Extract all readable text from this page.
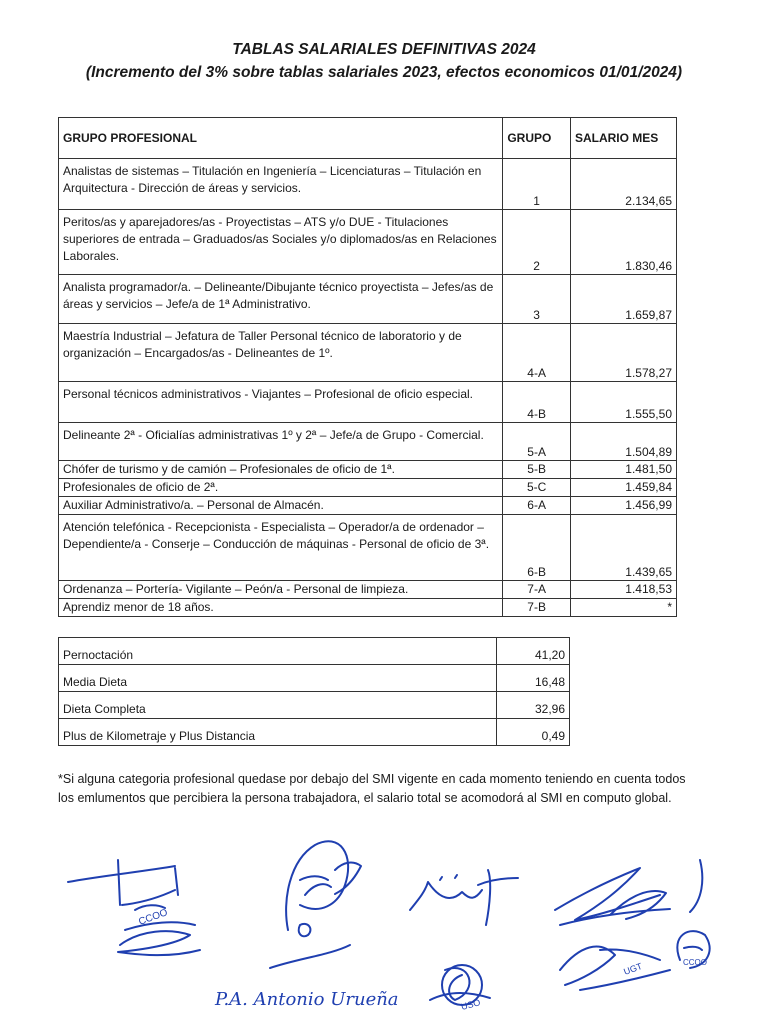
TABLAS SALARIALES DEFINITIVAS 2024
(Incremento del 3% sobre tablas salariales 2023, efectos economicos 01/01/2024)
GRUPO PROFESIONAL	GRUPO	SALARIO MES
Analistas de sistemas – Titulación en Ingeniería – Licenciaturas – Titulación en Arquitectura - Dirección de áreas y servicios.	1	2.134,65
Peritos/as y aparejadores/as - Proyectistas – ATS y/o DUE - Titulaciones superiores de entrada – Graduados/as Sociales y/o diplomados/as en Relaciones Laborales.	2	1.830,46
Analista programador/a. – Delineante/Dibujante técnico proyectista – Jefes/as de áreas y servicios – Jefe/a de 1ª Administrativo.	3	1.659,87
Maestría Industrial – Jefatura de Taller Personal técnico de laboratorio y de organización – Encargados/as - Delineantes de 1º.	4-A	1.578,27
Personal técnicos administrativos - Viajantes – Profesional de oficio especial.	4-B	1.555,50
Delineante 2ª - Oficialías administrativas 1º y 2ª – Jefe/a de Grupo - Comercial.	5-A	1.504,89
Chófer de turismo y de camión – Profesionales de oficio de 1ª.	5-B	1.481,50
Profesionales de oficio de 2ª.	5-C	1.459,84
Auxiliar Administrativo/a. – Personal de Almacén.	6-A	1.456,99
Atención telefónica - Recepcionista - Especialista – Operador/a de ordenador – Dependiente/a - Conserje – Conducción de máquinas - Personal de oficio de 3ª.	6-B	1.439,65
Ordenanza – Portería- Vigilante – Peón/a - Personal de limpieza.	7-A	1.418,53
Aprendiz menor de 18 años.	7-B	*
Pernoctación	41,20
Media Dieta	16,48
Dieta Completa	32,96
Plus de Kilometraje y Plus Distancia	0,49
*Si alguna categoria profesional quedase por debajo del SMI vigente en cada momento teniendo en cuenta todos los emlumentos que percibiera la persona trabajadora, el salario total se acomodorá al SMI en computo global.
CCOO
P.A. Antonio Urueña	USO
UGT	CCOO
